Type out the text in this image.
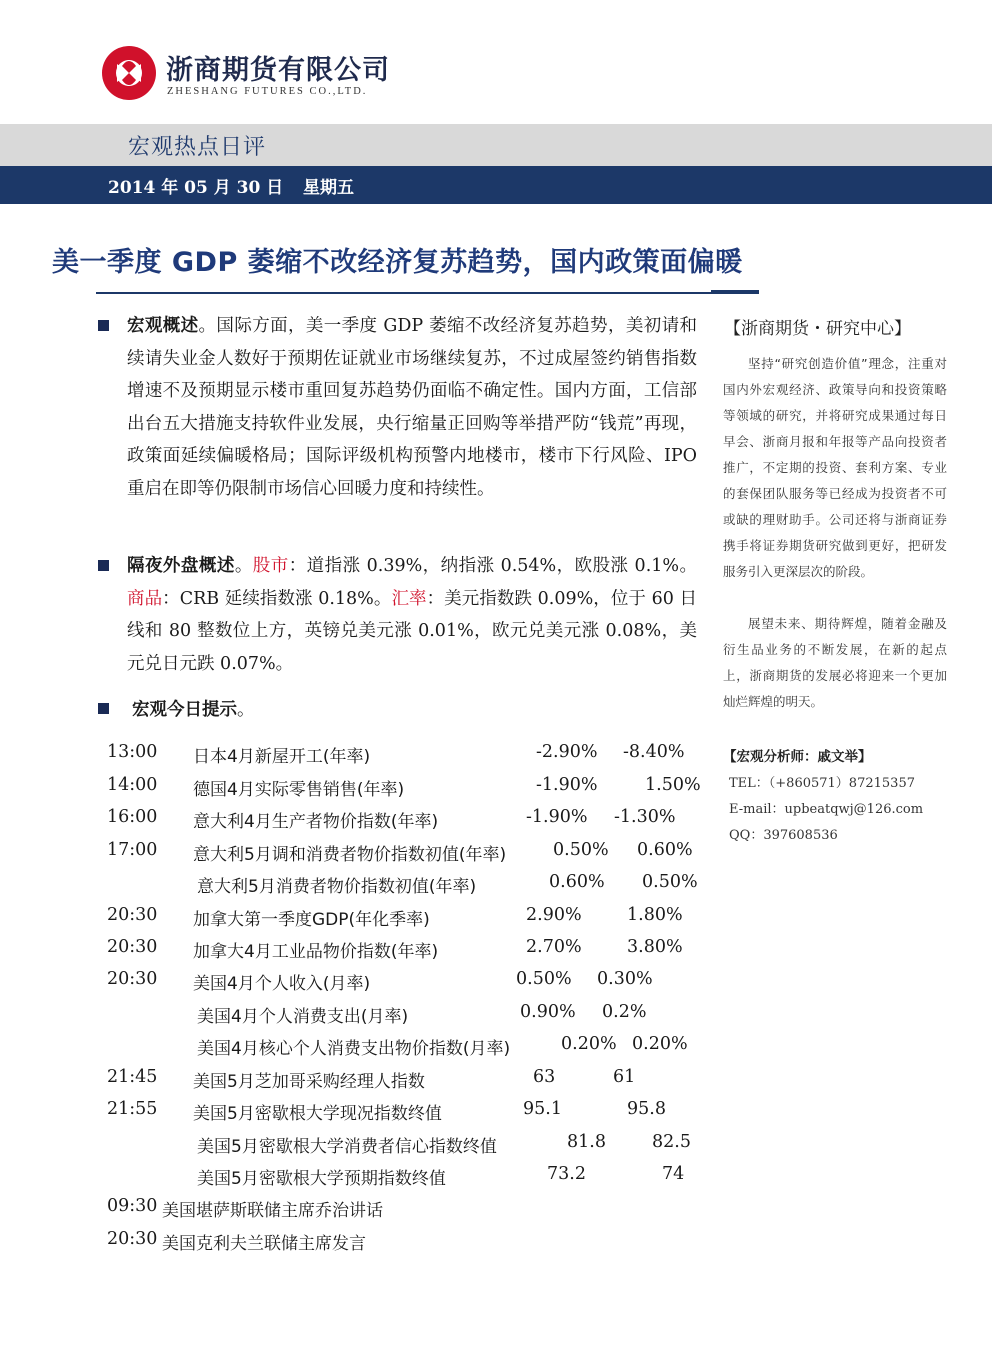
浙商期货有限公司
ZHESHANG FUTURES CO.,LTD.
宏观热点日评
2014 年 05 月 30 日 星期五
美一季度 GDP 萎缩不改经济复苏趋势，国内政策面偏暖
宏观概述。国际方面，美一季度 GDP 萎缩不改经济复苏趋势，美初请和续请失业金人数好于预期佐证就业市场继续复苏，不过成屋签约销售指数增速不及预期显示楼市重回复苏趋势仍面临不确定性。国内方面，工信部出台五大措施支持软件业发展，央行缩量正回购等举措严防“钱荒”再现，政策面延续偏暖格局；国际评级机构预警内地楼市，楼市下行风险、IPO 重启在即等仍限制市场信心回暖力度和持续性。
隔夜外盘概述。股市：道指涨 0.39%，纳指涨 0.54%，欧股涨 0.1%。商品：CRB 延续指数涨 0.18%。汇率：美元指数跌 0.09%，位于 60 日线和 80 整数位上方，英镑兑美元涨 0.01%，欧元兑美元涨 0.08%，美元兑日元跌 0.07%。
宏观今日提示。
13:00 日本4月新屋开工(年率)	-2.90% -8.40%
14:00 德国4月实际零售销售(年率)	-1.90%	1.50%
16:00 意大利4月生产者物价指数(年率)	-1.90% -1.30%
17:00 意大利5月调和消费者物价指数初值(年率)	0.50% 0.60%
意大利5月消费者物价指数初值(年率)	0.60% 0.50%
20:30 加拿大第一季度GDP(年化季率)	2.90%	1.80%
20:30 加拿大4月工业品物价指数(年率)	2.70%	3.80%
20:30 美国4月个人收入(月率)	0.50% 0.30%
美国4月个人消费支出(月率)	0.90% 0.2%
美国4月核心个人消费支出物价指数(月率)	0.20% 0.20%
21:45 美国5月芝加哥采购经理人指数	63	61
21:55 美国5月密歇根大学现况指数终值	95.1	95.8
美国5月密歇根大学消费者信心指数终值	81.8	82.5
美国5月密歇根大学预期指数终值	73.2	74
09:30 美国堪萨斯联储主席乔治讲话
20:30 美国克利夫兰联储主席发言
【浙商期货・研究中心】
坚持“研究创造价值”理念，注重对国内外宏观经济、政策导向和投资策略等领域的研究，并将研究成果通过每日早会、浙商月报和年报等产品向投资者推广，不定期的投资、套利方案、专业的套保团队服务等已经成为投资者不可或缺的理财助手。公司还将与浙商证券携手将证券期货研究做到更好，把研发服务引入更深层次的阶段。
展望未来、期待辉煌，随着金融及衍生品业务的不断发展，在新的起点上，浙商期货的发展必将迎来一个更加灿烂辉煌的明天。
【宏观分析师：戚文举】
TEL：（+860571）87215357
E-mail：upbeatqwj@126.com
QQ：397608536
